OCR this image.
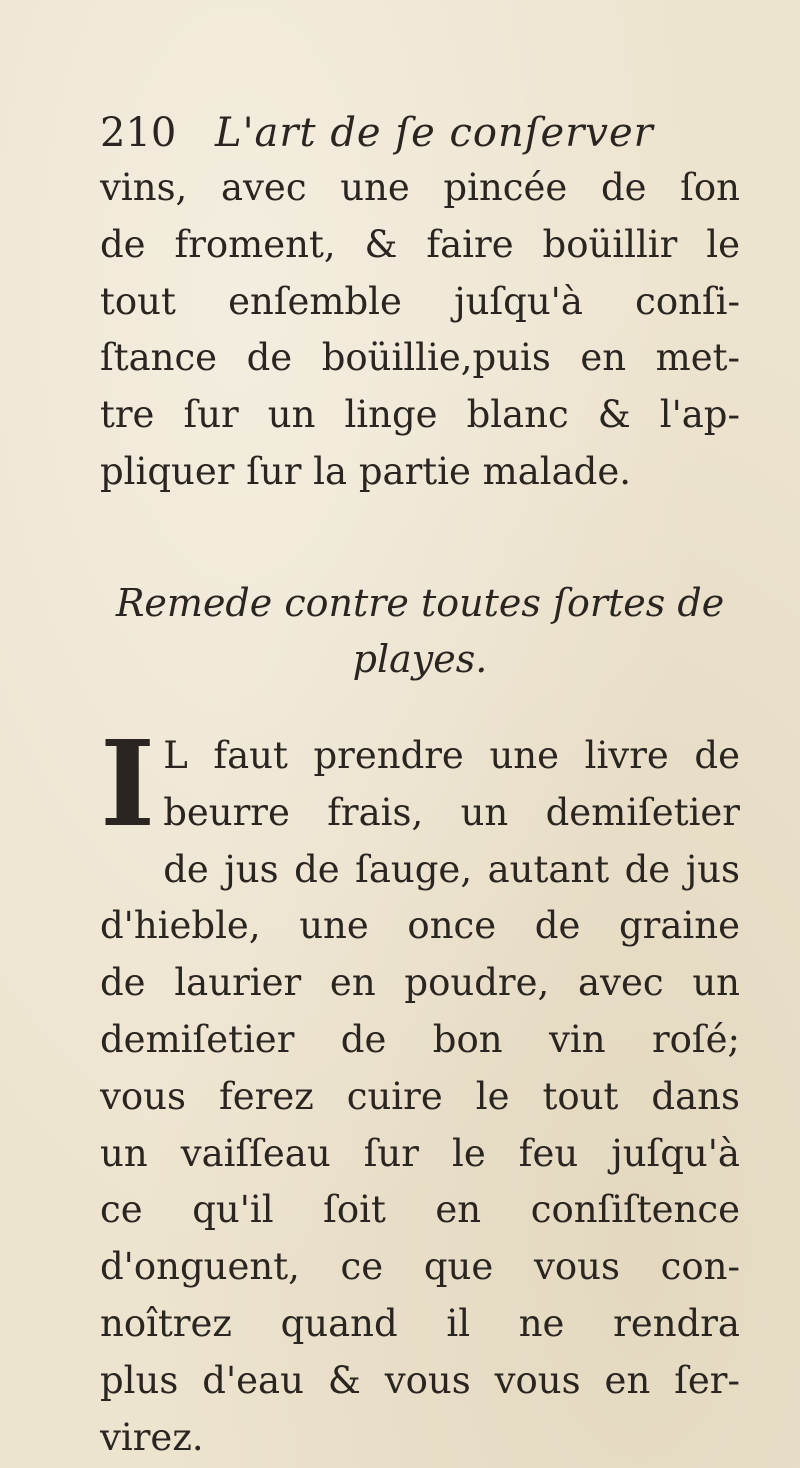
210 L'art de ſe conſerver
vins, avec une pincée de ſon
de froment, & faire boüillir le
tout enſemble juſqu'à conſi-
ſtance de boüillie,puis en met-
tre ſur un linge blanc & l'ap-
pliquer ſur la partie malade.
Remede contre toutes ſortes de
playes.
I L faut prendre une livre de
beurre frais, un demiſetier
de jus de ſauge, autant de jus
d'hieble, une once de graine
de laurier en poudre, avec un
demiſetier de bon vin roſé;
vous ferez cuire le tout dans
un vaiſſeau ſur le feu juſqu'à
ce qu'il ſoit en conſiſtence
d'onguent, ce que vous con-
noîtrez quand il ne rendra
plus d'eau & vous vous en ſer-
virez.
